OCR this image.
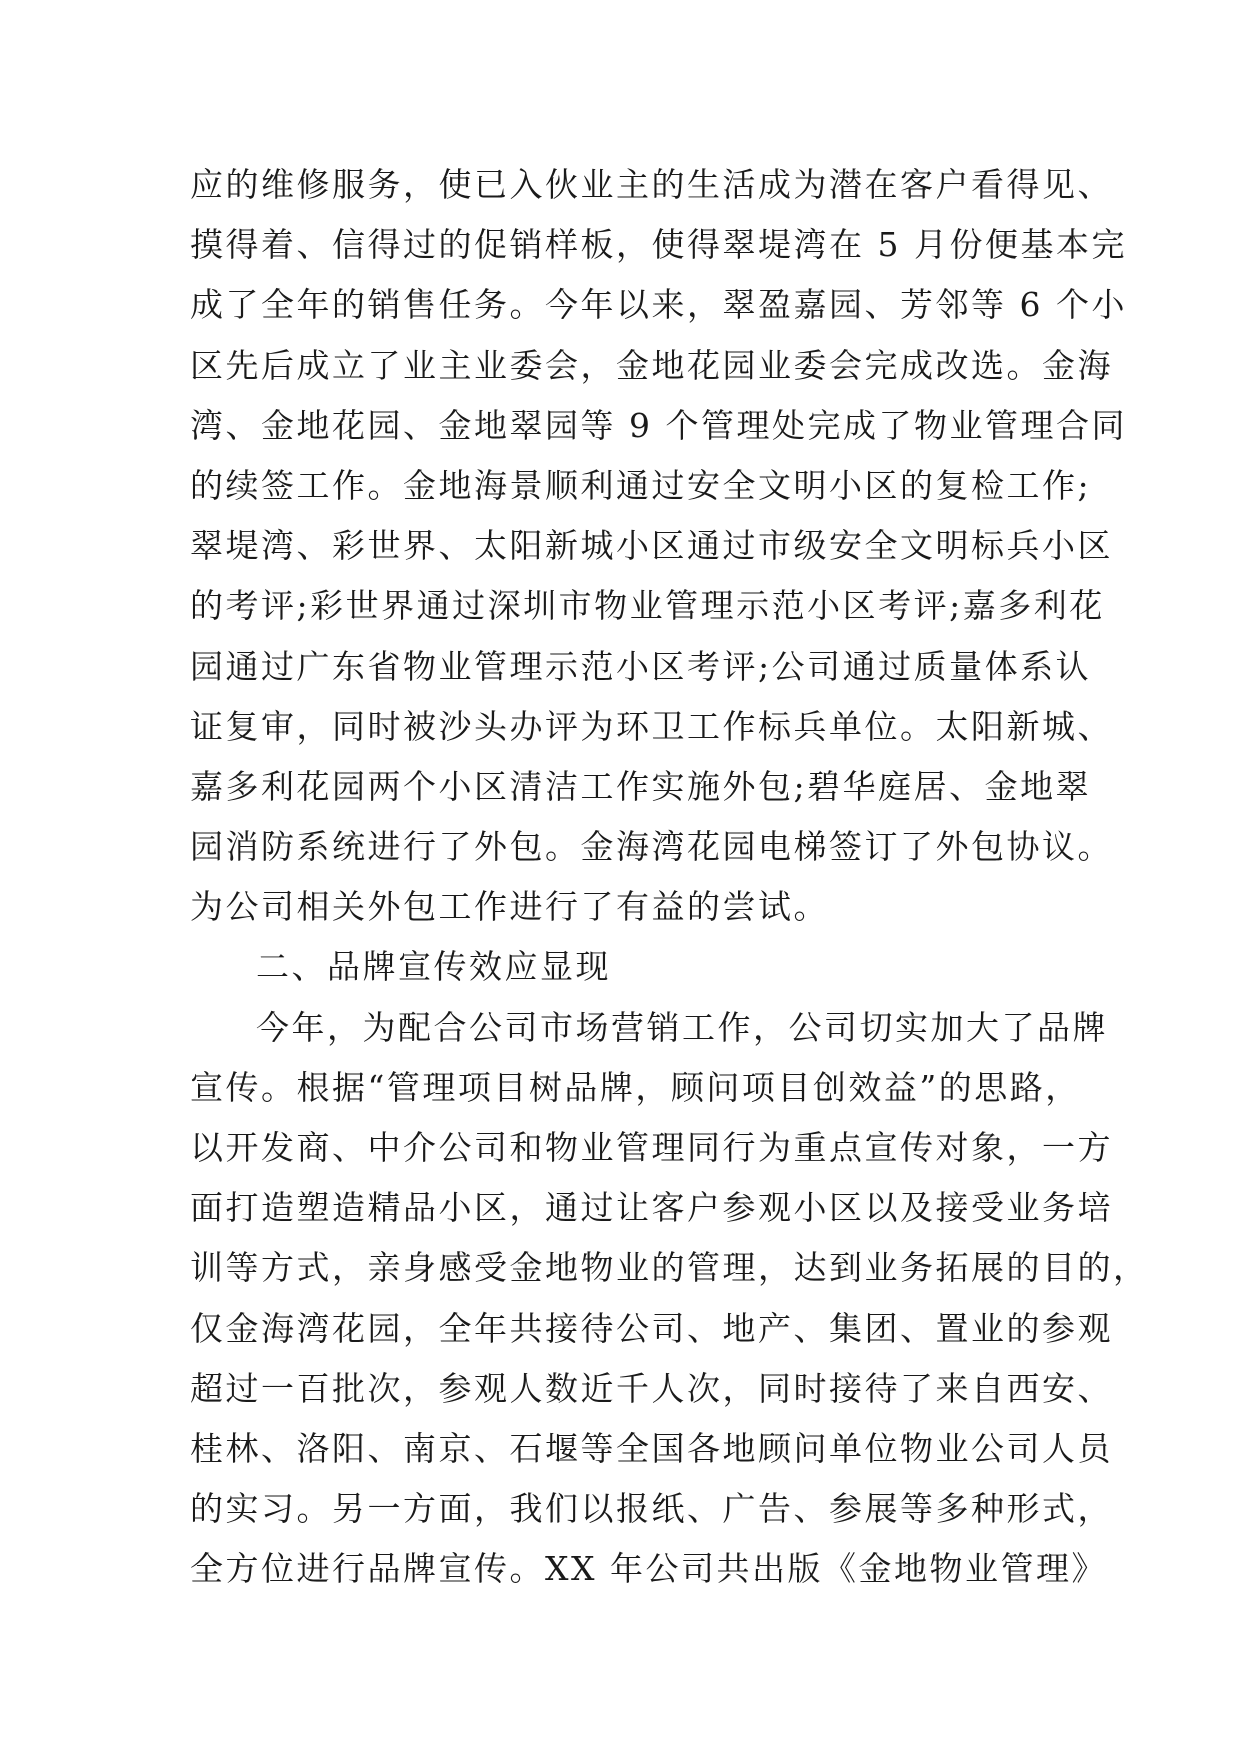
应的维修服务，使已入伙业主的生活成为潜在客户看得见、
摸得着、信得过的促销样板，使得翠堤湾在 5 月份便基本完
成了全年的销售任务。今年以来，翠盈嘉园、芳邻等 6 个小
区先后成立了业主业委会，金地花园业委会完成改选。金海
湾、金地花园、金地翠园等 9 个管理处完成了物业管理合同
的续签工作。金地海景顺利通过安全文明小区的复检工作;
翠堤湾、彩世界、太阳新城小区通过市级安全文明标兵小区
的考评;彩世界通过深圳市物业管理示范小区考评;嘉多利花
园通过广东省物业管理示范小区考评;公司通过质量体系认
证复审，同时被沙头办评为环卫工作标兵单位。太阳新城、
嘉多利花园两个小区清洁工作实施外包;碧华庭居、金地翠
园消防系统进行了外包。金海湾花园电梯签订了外包协议。
为公司相关外包工作进行了有益的尝试。
二、品牌宣传效应显现
今年，为配合公司市场营销工作，公司切实加大了品牌
宣传。根据“管理项目树品牌，顾问项目创效益”的思路，
以开发商、中介公司和物业管理同行为重点宣传对象，一方
面打造塑造精品小区，通过让客户参观小区以及接受业务培
训等方式，亲身感受金地物业的管理，达到业务拓展的目的，
仅金海湾花园，全年共接待公司、地产、集团、置业的参观
超过一百批次，参观人数近千人次，同时接待了来自西安、
桂林、洛阳、南京、石堰等全国各地顾问单位物业公司人员
的实习。另一方面，我们以报纸、广告、参展等多种形式，
全方位进行品牌宣传。XX 年公司共出版《金地物业管理》
